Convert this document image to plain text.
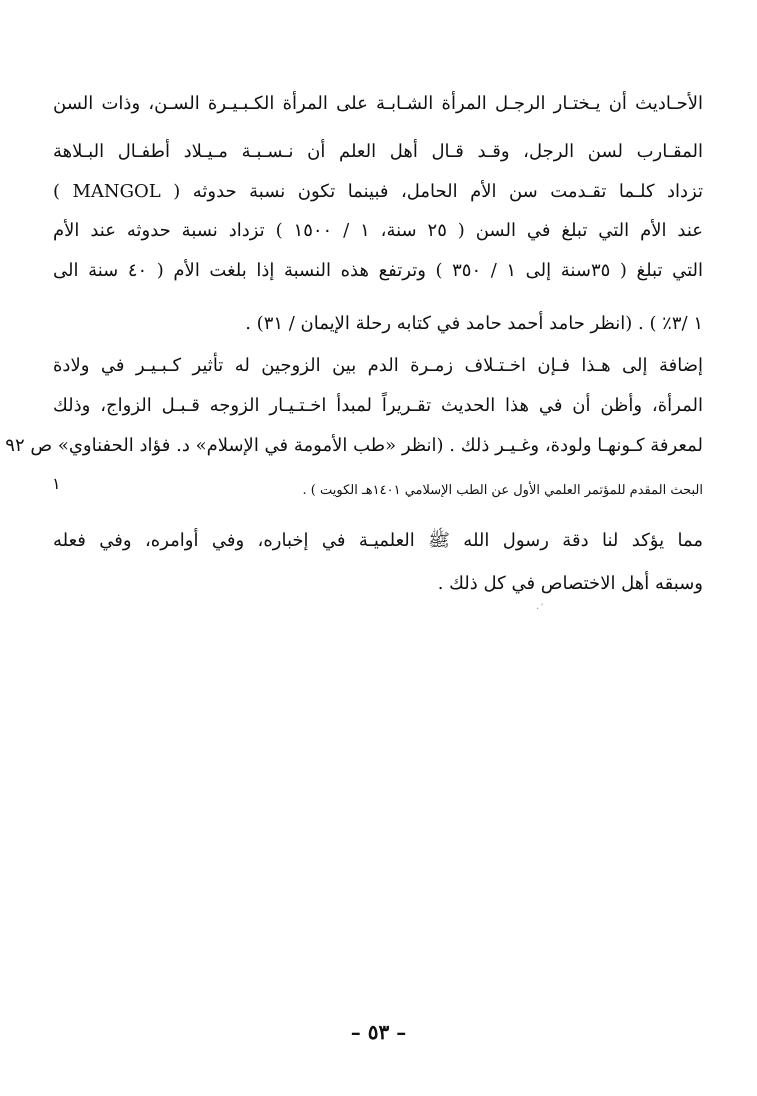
الأحـاديث أن يـختـار الرجـل المرأة الشـابـة على المرأة الكـبـيـرة السـن، وذات السن
المقـارب لسن الرجل، وقـد قـال أهل العلم أن نـسـبـة مـيـلاد أطفـال البـلاهة
( MANGOL ) تزداد كلـما تقـدمت سن الأم الحامل، فبينما تكون نسبة حدوثه
عند الأم التي تبلغ في السن ( ٢٥ سنة، ١ / ١٥٠٠ ) تزداد نسبة حدوثه عند الأم
التي تبلغ ( ٣٥سنة إلى ١ / ٣٥٠ ) وترتفع هذه النسبة إذا بلغت الأم ( ٤٠ سنة الى
١ /٣٪ ) . (انظر حامد أحمد حامد في كتابه رحلة الإيمان / ٣١) .
إضافة إلى هـذا فـإن اخـتـلاف زمـرة الدم بين الزوجين له تأثير كـبـيـر في ولادة
المرأة، وأظن أن في هذا الحديث تقـريراً لمبدأ اخـتـيـار الزوجه قـبـل الزواج، وذلك
لمعرفة كـونهـا ولودة، وغـيـر ذلك . (انظر «طب الأمومة في الإسلام» د. فؤاد الحفناوي» ص ٩٢
البحث المقدم للمؤتمر العلمي الأول عن الطب الإسلامي ١٤٠١هـ الكويت ) .
مما يؤكد لنا دقة رسول الله ﷺ العلميـة في إخباره، وفي أوامره، وفي فعله
وسبقه أهل الاختصاص في كل ذلك .
١
·´
– ٥٣ –
